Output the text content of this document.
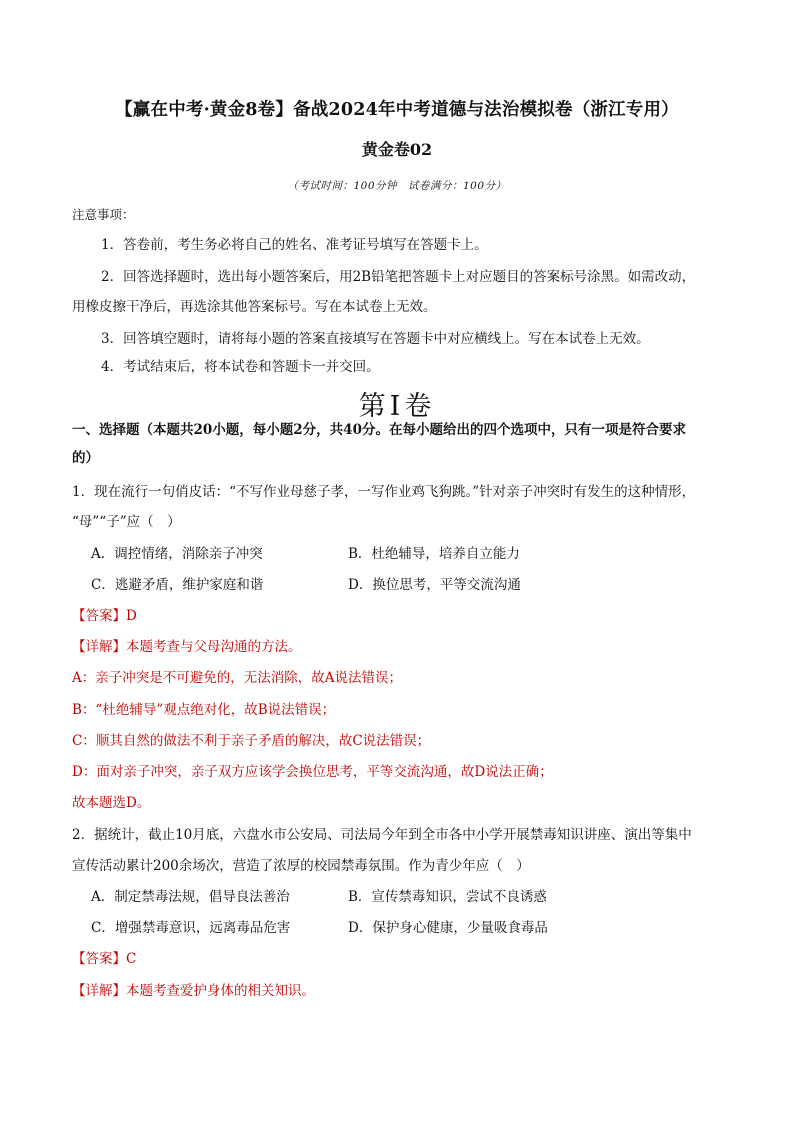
【赢在中考·黄金8卷】备战2024年中考道德与法治模拟卷（浙江专用）
黄金卷02
（考试时间：100分钟　试卷满分：100分）
注意事项：
1．答卷前，考生务必将自己的姓名、准考证号填写在答题卡上。
2．回答选择题时，选出每小题答案后，用2B铅笔把答题卡上对应题目的答案标号涂黑。如需改动，
用橡皮擦干净后，再选涂其他答案标号。写在本试卷上无效。
3．回答填空题时，请将每小题的答案直接填写在答题卡中对应横线上。写在本试卷上无效。
4．考试结束后，将本试卷和答题卡一并交回。
第Ⅰ卷
一、选择题（本题共20小题，每小题2分，共40分。在每小题给出的四个选项中，只有一项是符合要求
的）
1．现在流行一句俏皮话：“不写作业母慈子孝，一写作业鸡飞狗跳。”针对亲子冲突时有发生的这种情形，
“母”“子”应（　）
A．调控情绪，消除亲子冲突	B．杜绝辅导，培养自立能力
C．逃避矛盾，维护家庭和谐	D．换位思考，平等交流沟通
【答案】D
【详解】本题考查与父母沟通的方法。
A：亲子冲突是不可避免的，无法消除，故A说法错误；
B：“杜绝辅导”观点绝对化，故B说法错误；
C：顺其自然的做法不利于亲子矛盾的解决，故C说法错误；
D：面对亲子冲突，亲子双方应该学会换位思考，平等交流沟通，故D说法正确；
故本题选D。
2．据统计，截止10月底，六盘水市公安局、司法局今年到全市各中小学开展禁毒知识讲座、演出等集中
宣传活动累计200余场次，营造了浓厚的校园禁毒氛围。作为青少年应（　）
A．制定禁毒法规，倡导良法善治	B．宣传禁毒知识，尝试不良诱惑
C．增强禁毒意识，远离毒品危害	D．保护身心健康，少量吸食毒品
【答案】C
【详解】本题考查爱护身体的相关知识。
